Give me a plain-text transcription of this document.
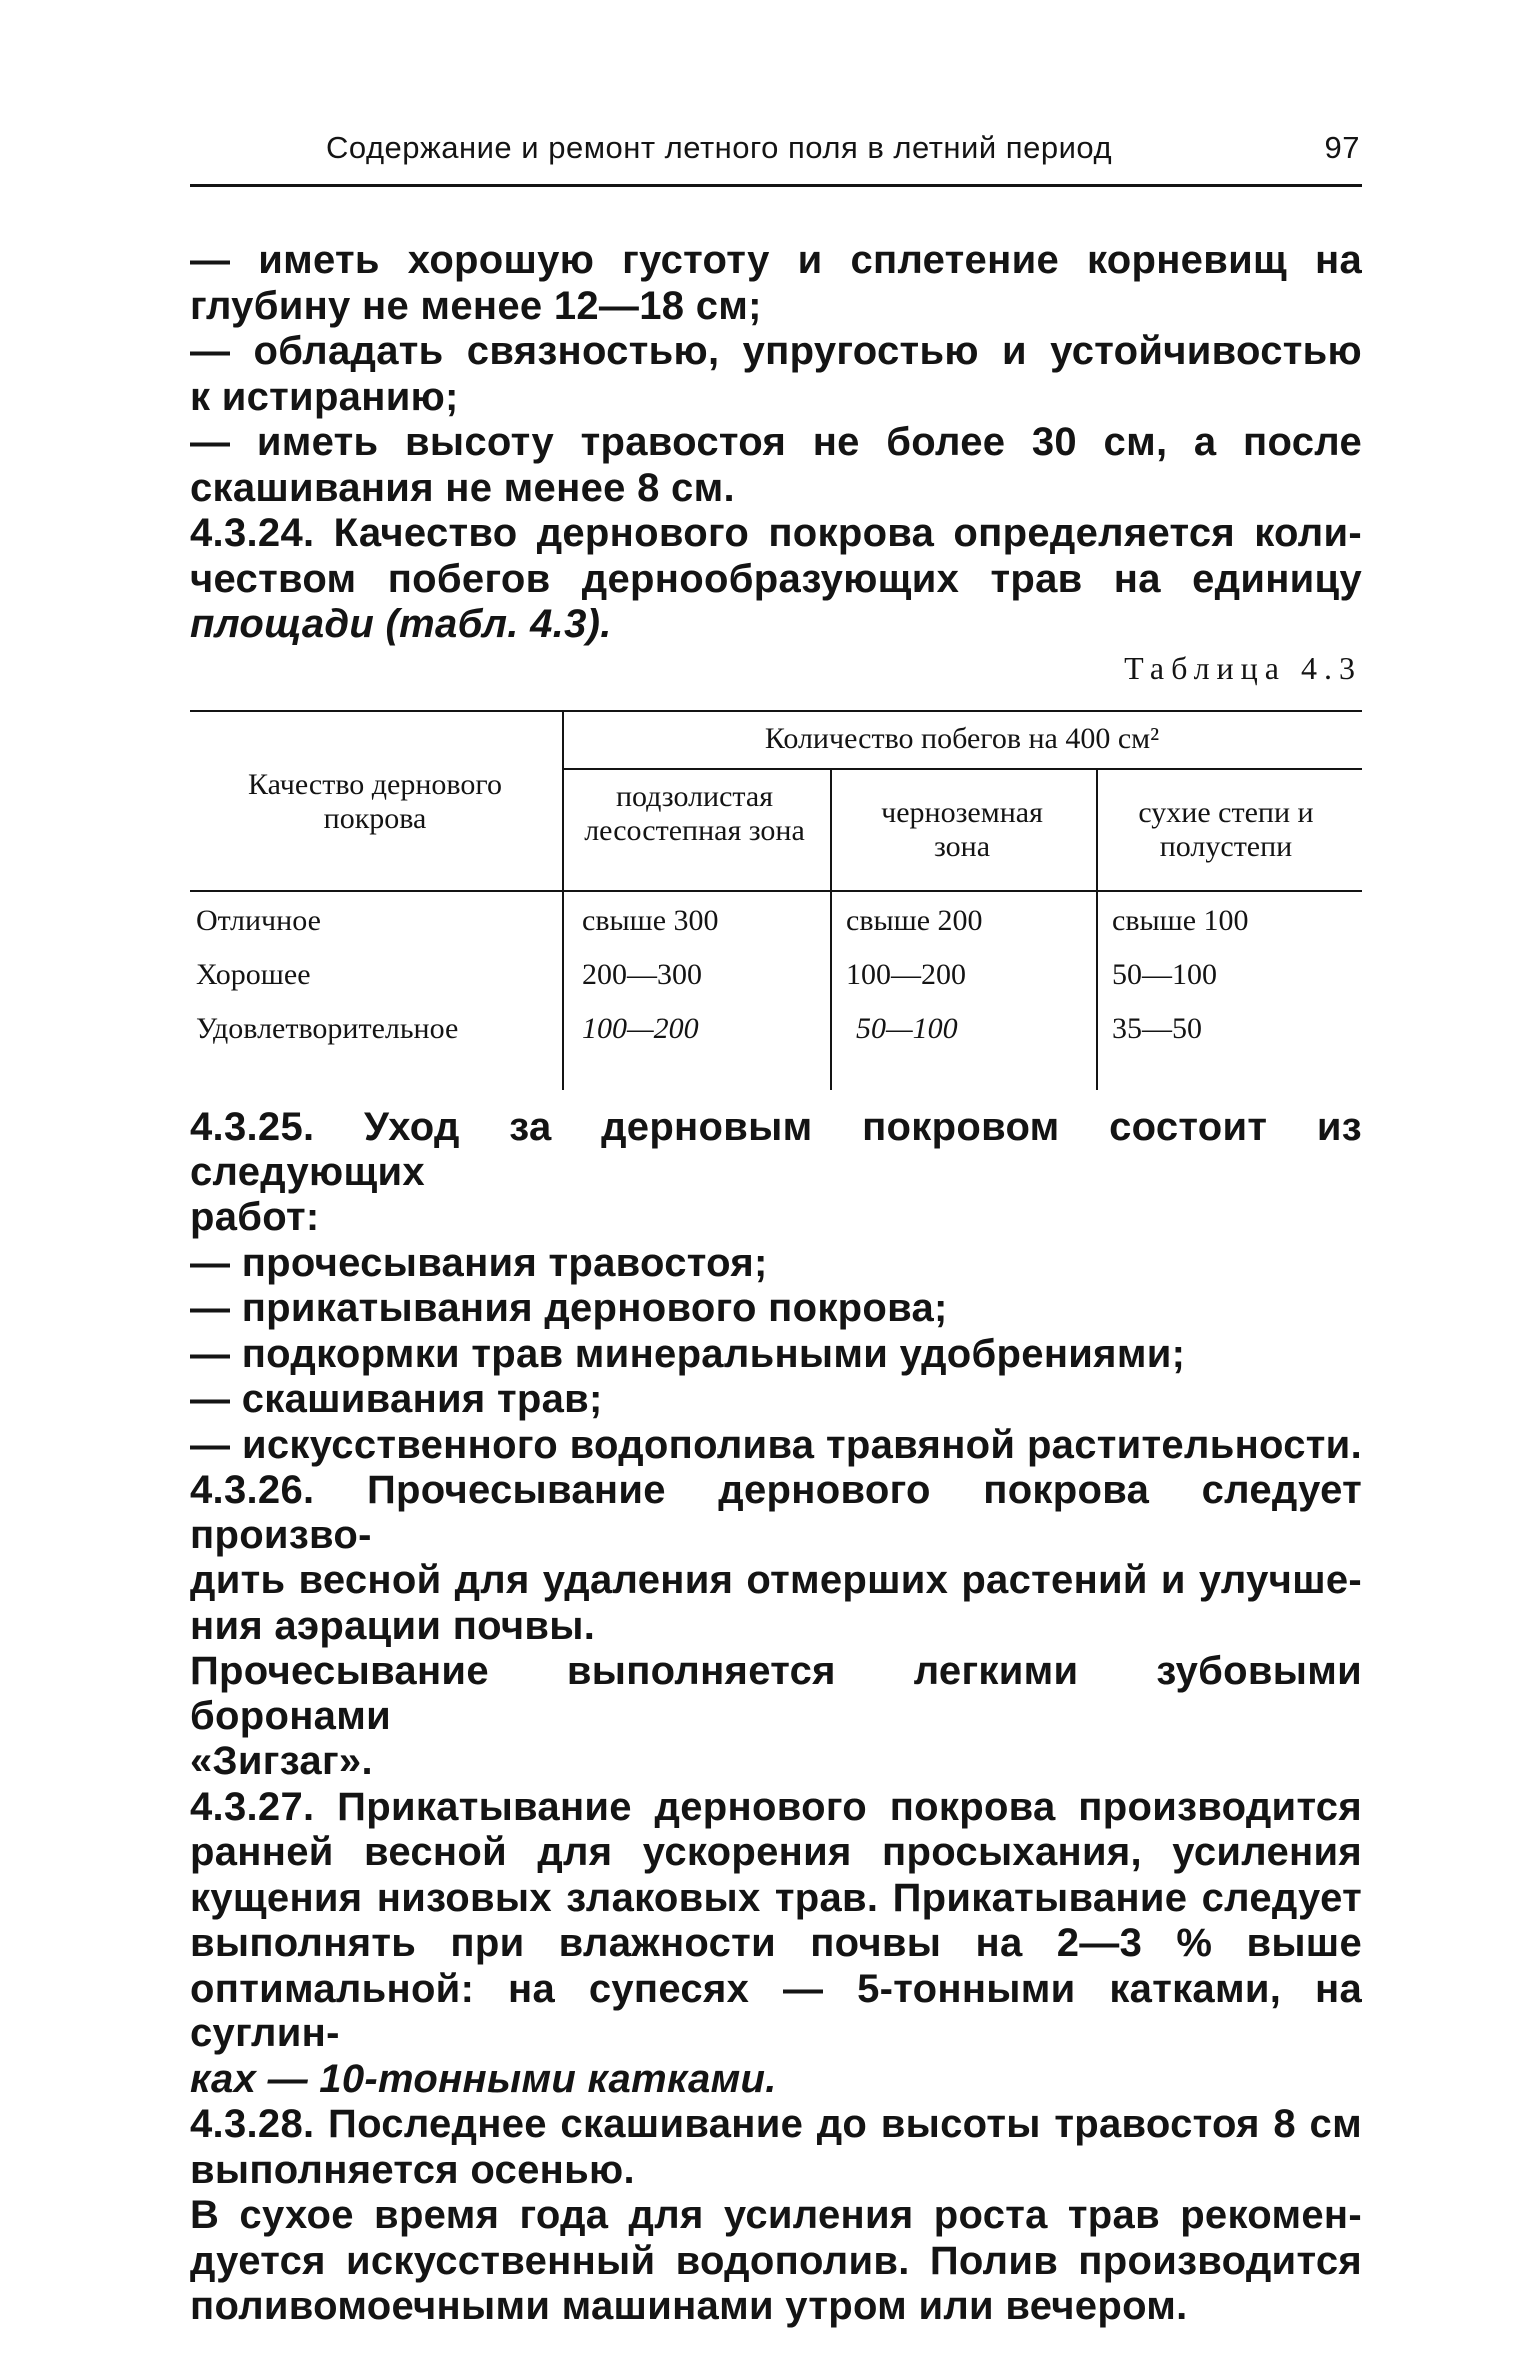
Содержание и ремонт летного поля в летний период	97

— иметь хорошую густоту и сплетение корневищ на

глубину не менее 12—18 см;

— обладать связностью, упругостью и устойчивостью

к истиранию;

— иметь высоту травостоя не более 30 см, а после

скашивания не менее 8 см.

4.3.24. Качество дернового покрова определяется коли-

чеством побегов дернообразующих трав на единицу

площади (табл. 4.3).

Таблица 4.3
Качество дернового покрова
Количество побегов на 400 см²
подзолистая лесостепная зона
черноземная зона
сухие степи и полустепи
Отличное	свыше 300	свыше 200	свыше 100
Хорошее	200—300	100—200	50—100
Удовлетворительное	100—200	50—100	35—50

4.3.25. Уход за дерновым покровом состоит из следующих

работ:

— прочесывания травостоя;

— прикатывания дернового покрова;

— подкормки трав минеральными удобрениями;

— скашивания трав;

— искусственного водополива травяной растительности.

4.3.26. Прочесывание дернового покрова следует произво-

дить весной для удаления отмерших растений и улучше-

ния аэрации почвы.

Прочесывание выполняется легкими зубовыми боронами

«Зигзаг».

4.3.27. Прикатывание дернового покрова производится

ранней весной для ускорения просыхания, усиления

кущения низовых злаковых трав. Прикатывание следует

выполнять при влажности почвы на 2—3 % выше

оптимальной: на супесях — 5-тонными катками, на суглин-

ках — 10-тонными катками.

4.3.28. Последнее скашивание до высоты травостоя 8 см

выполняется осенью.

В сухое время года для усиления роста трав рекомен-

дуется искусственный водополив. Полив производится

поливомоечными машинами утром или вечером.
